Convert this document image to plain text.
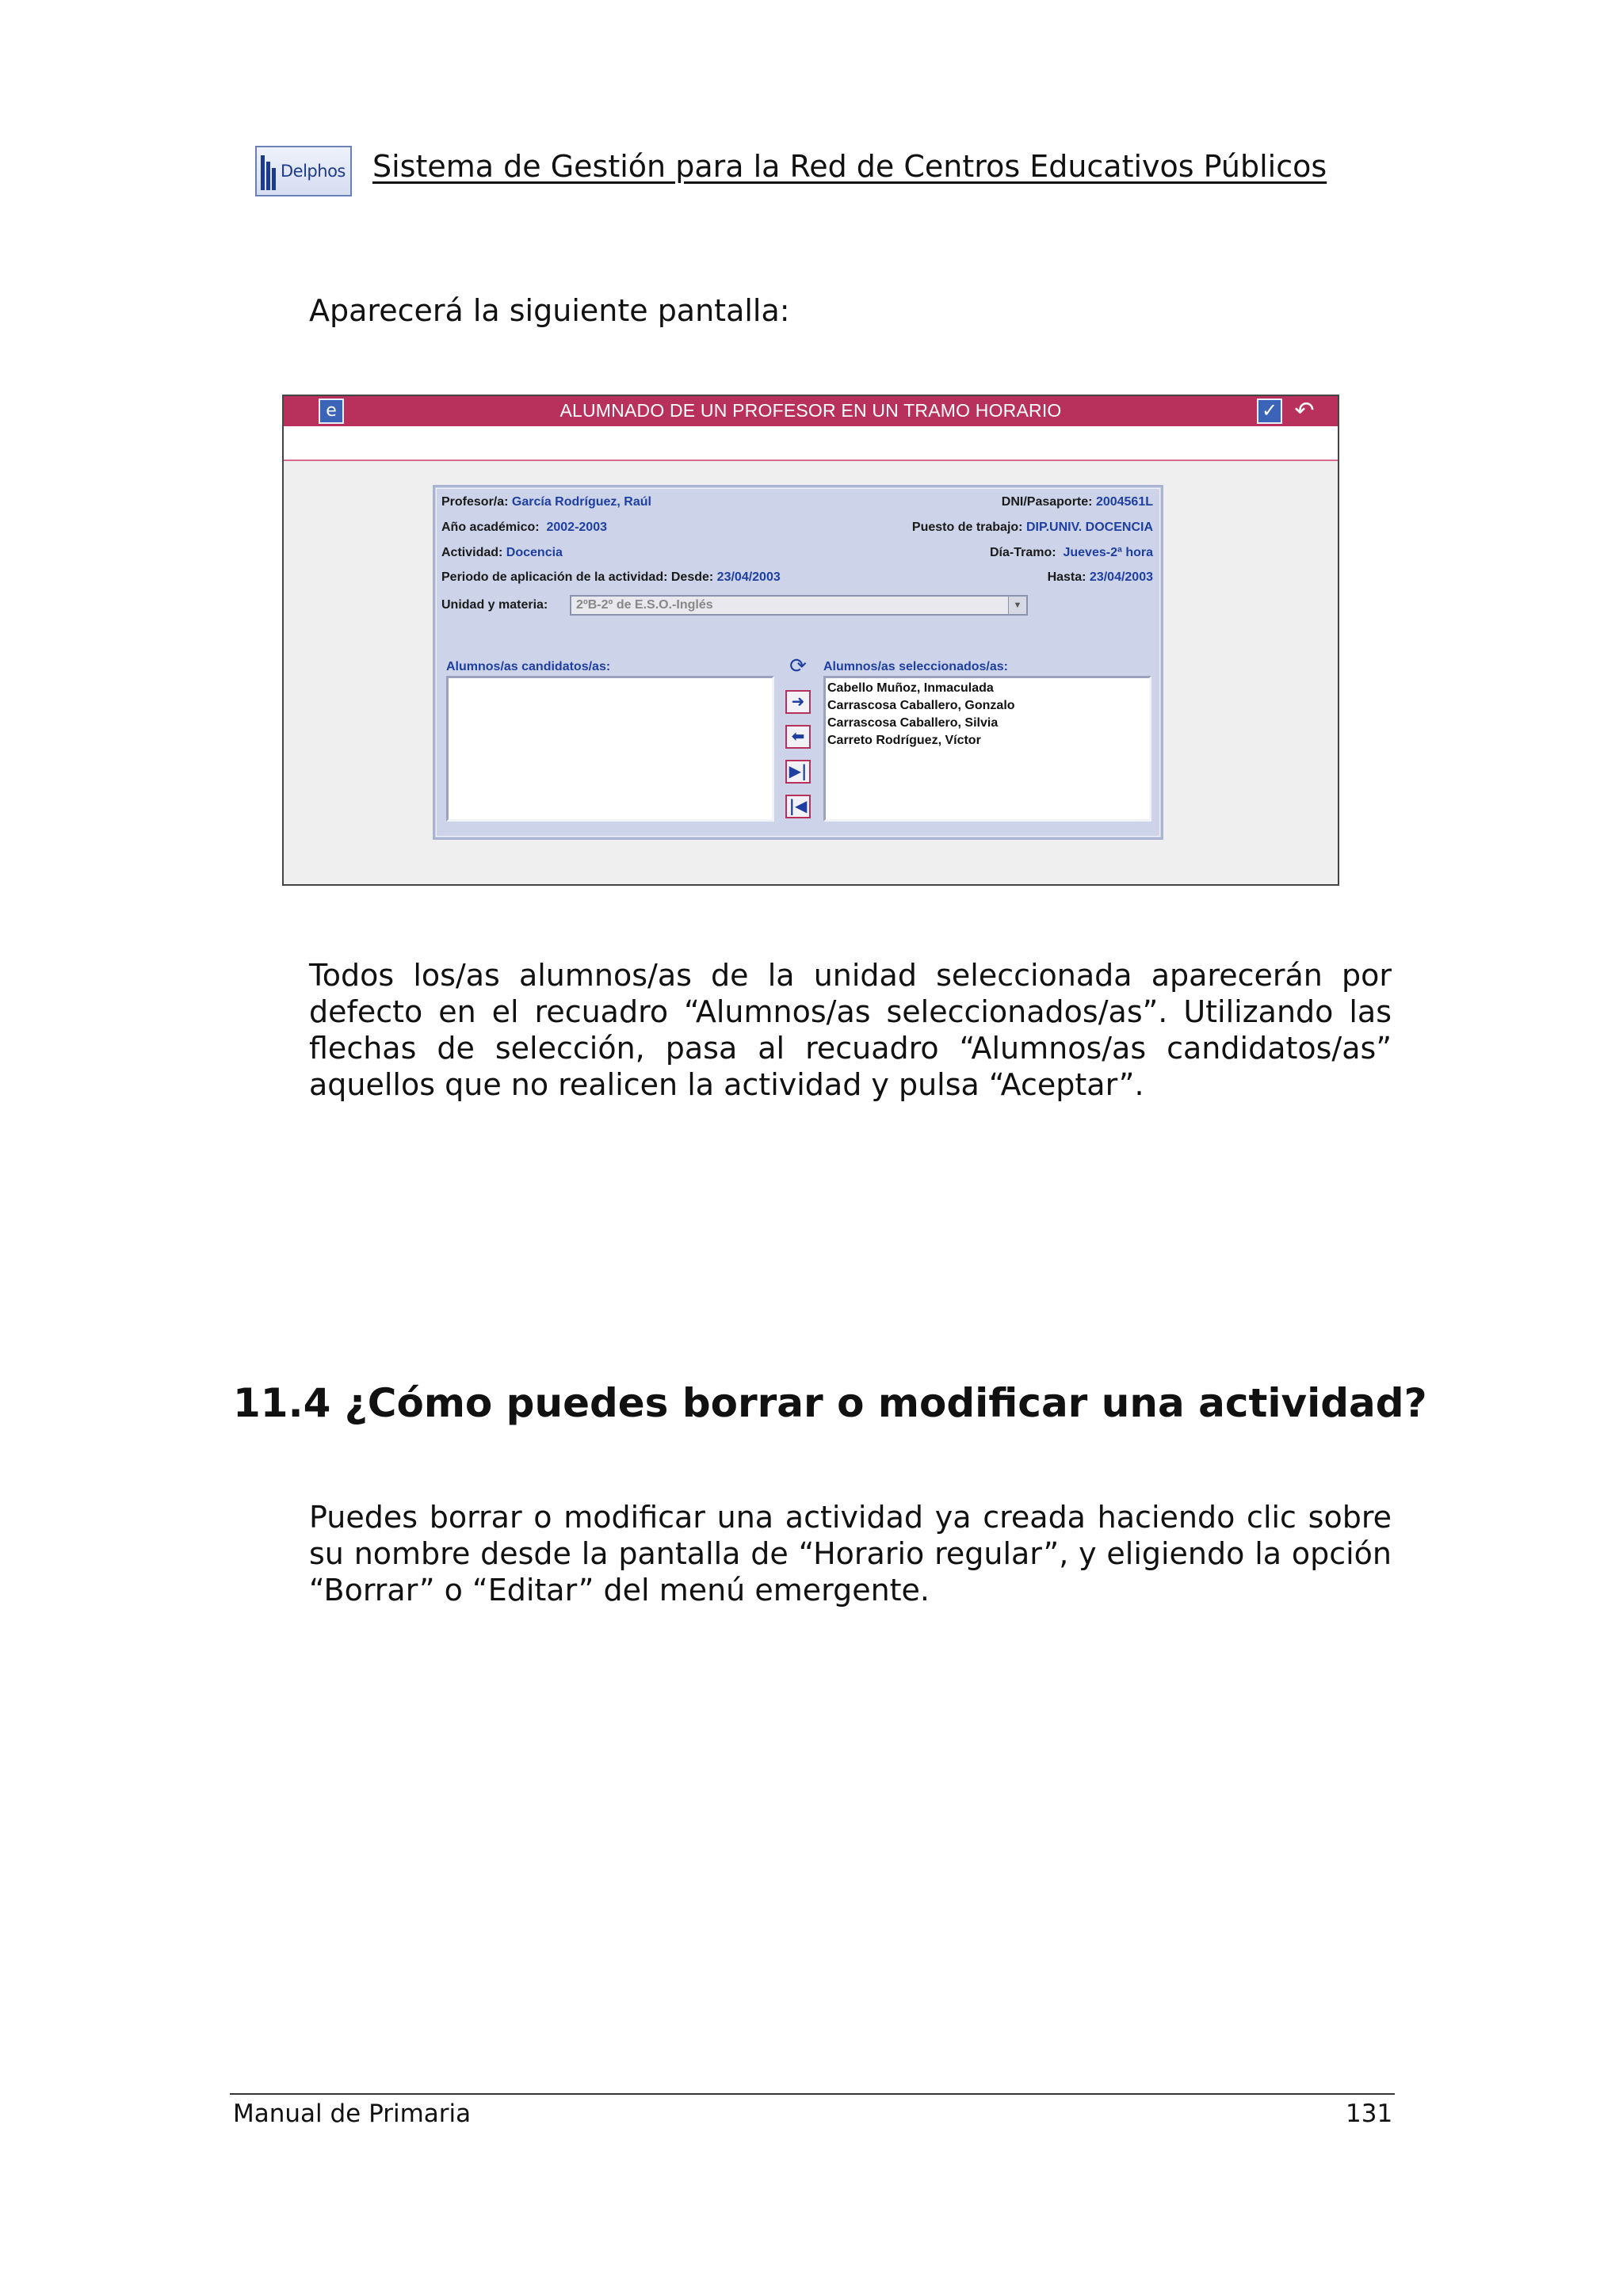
Delphos Sistema de Gestión para la Red de Centros Educativos Públicos
Aparecerá la siguiente pantalla:
e	ALUMNADO DE UN PROFESOR EN UN TRAMO HORARIO	✓ ↶
Profesor/a: García Rodríguez, Raúl	DNI/Pasaporte: 2004561L
Año académico: 2002-2003	Puesto de trabajo: DIP.UNIV. DOCENCIA
Actividad: Docencia	Día-Tramo: Jueves-2ª hora
Periodo de aplicación de la actividad: Desde: 23/04/2003	Hasta: 23/04/2003
Unidad y materia:	2ºB-2º de E.S.O.-Inglés	▼
Alumnos/as candidatos/as:	Alumnos/as seleccionados/as:
⟳
Cabello Muñoz, Inmaculada
Carrascosa Caballero, Gonzalo
Carrascosa Caballero, Silvia
Carreto Rodríguez, Víctor
➜
⬅
▶|
|◀
Todos los/as alumnos/as de la unidad seleccionada aparecerán por defecto en el recuadro “Alumnos/as seleccionados/as”. Utilizando las flechas de selección, pasa al recuadro “Alumnos/as candidatos/as” aquellos que no realicen la actividad y pulsa “Aceptar”.
11.4 ¿Cómo puedes borrar o modificar una actividad?
Puedes borrar o modificar una actividad ya creada haciendo clic sobre su nombre desde la pantalla de “Horario regular”, y eligiendo la opción “Borrar” o “Editar” del menú emergente.
Manual de Primaria	131
